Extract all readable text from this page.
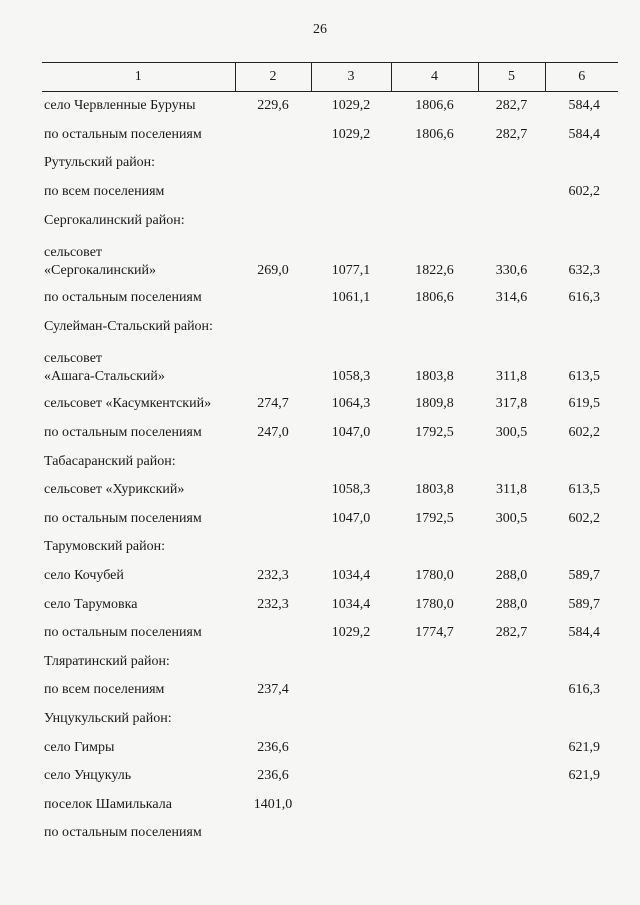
26
1	2	3	4	5	6
село Червленные Буруны	229,6	1029,2	1806,6	282,7	584,4
по остальным поселениям		1029,2	1806,6	282,7	584,4
Рутульский район:					
по всем поселениям					602,2
Сергокалинский район:					

сельсовет
«Сергокалинский»	269,0	1077,1	1822,6	330,6	632,3
по остальным поселениям		1061,1	1806,6	314,6	616,3
Сулейман-Стальский район:					

сельсовет
«Ашага-Стальский»		1058,3	1803,8	311,8	613,5
сельсовет «Касумкентский»	274,7	1064,3	1809,8	317,8	619,5
по остальным поселениям	247,0	1047,0	1792,5	300,5	602,2
Табасаранский район:					
сельсовет «Хурикский»		1058,3	1803,8	311,8	613,5
по остальным поселениям		1047,0	1792,5	300,5	602,2
Тарумовский район:					
село Кочубей	232,3	1034,4	1780,0	288,0	589,7
село Тарумовка	232,3	1034,4	1780,0	288,0	589,7
по остальным поселениям		1029,2	1774,7	282,7	584,4
Тляратинский район:					
по всем поселениям	237,4				616,3
Унцукульский район:					
село Гимры	236,6				621,9
село Унцукуль	236,6				621,9
поселок Шамилькала	1401,0				
по остальным поселениям					
